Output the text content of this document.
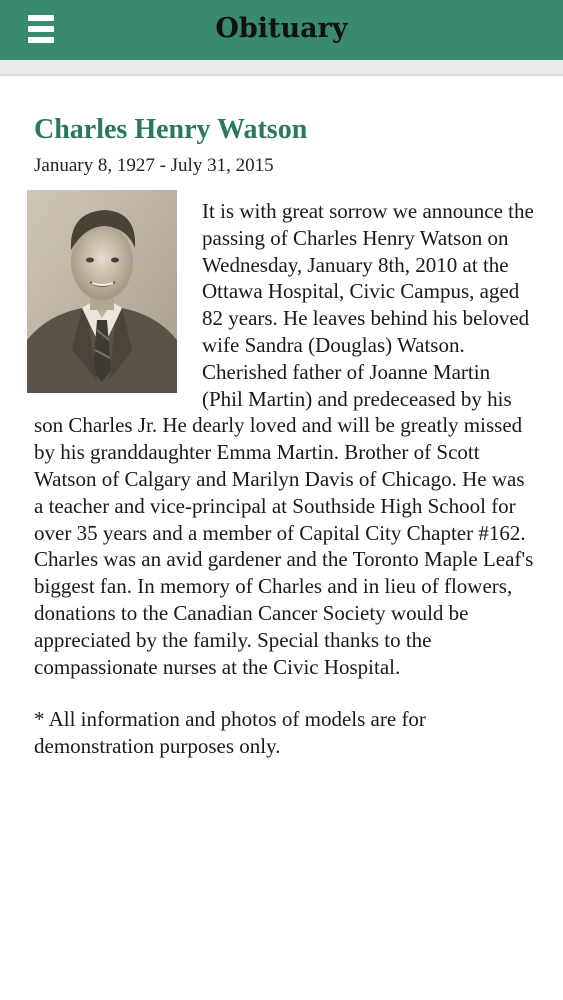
Obituary
Charles Henry Watson
January 8, 1927 - July 31, 2015
It is with great sorrow we announce the passing of Charles Henry Watson on Wednesday, January 8th, 2010 at the Ottawa Hospital, Civic Campus, aged 82 years. He leaves behind his beloved wife Sandra (Douglas) Watson. Cherished father of Joanne Martin (Phil Martin) and predeceased by his son Charles Jr. He dearly loved and will be greatly missed by his granddaughter Emma Martin. Brother of Scott Watson of Calgary and Marilyn Davis of Chicago. He was a teacher and vice-principal at Southside High School for over 35 years and a member of Capital City Chapter #162. Charles was an avid gardener and the Toronto Maple Leaf's biggest fan. In memory of Charles and in lieu of flowers, donations to the Canadian Cancer Society would be appreciated by the family. Special thanks to the compassionate nurses at the Civic Hospital.
* All information and photos of models are for demonstration purposes only.
